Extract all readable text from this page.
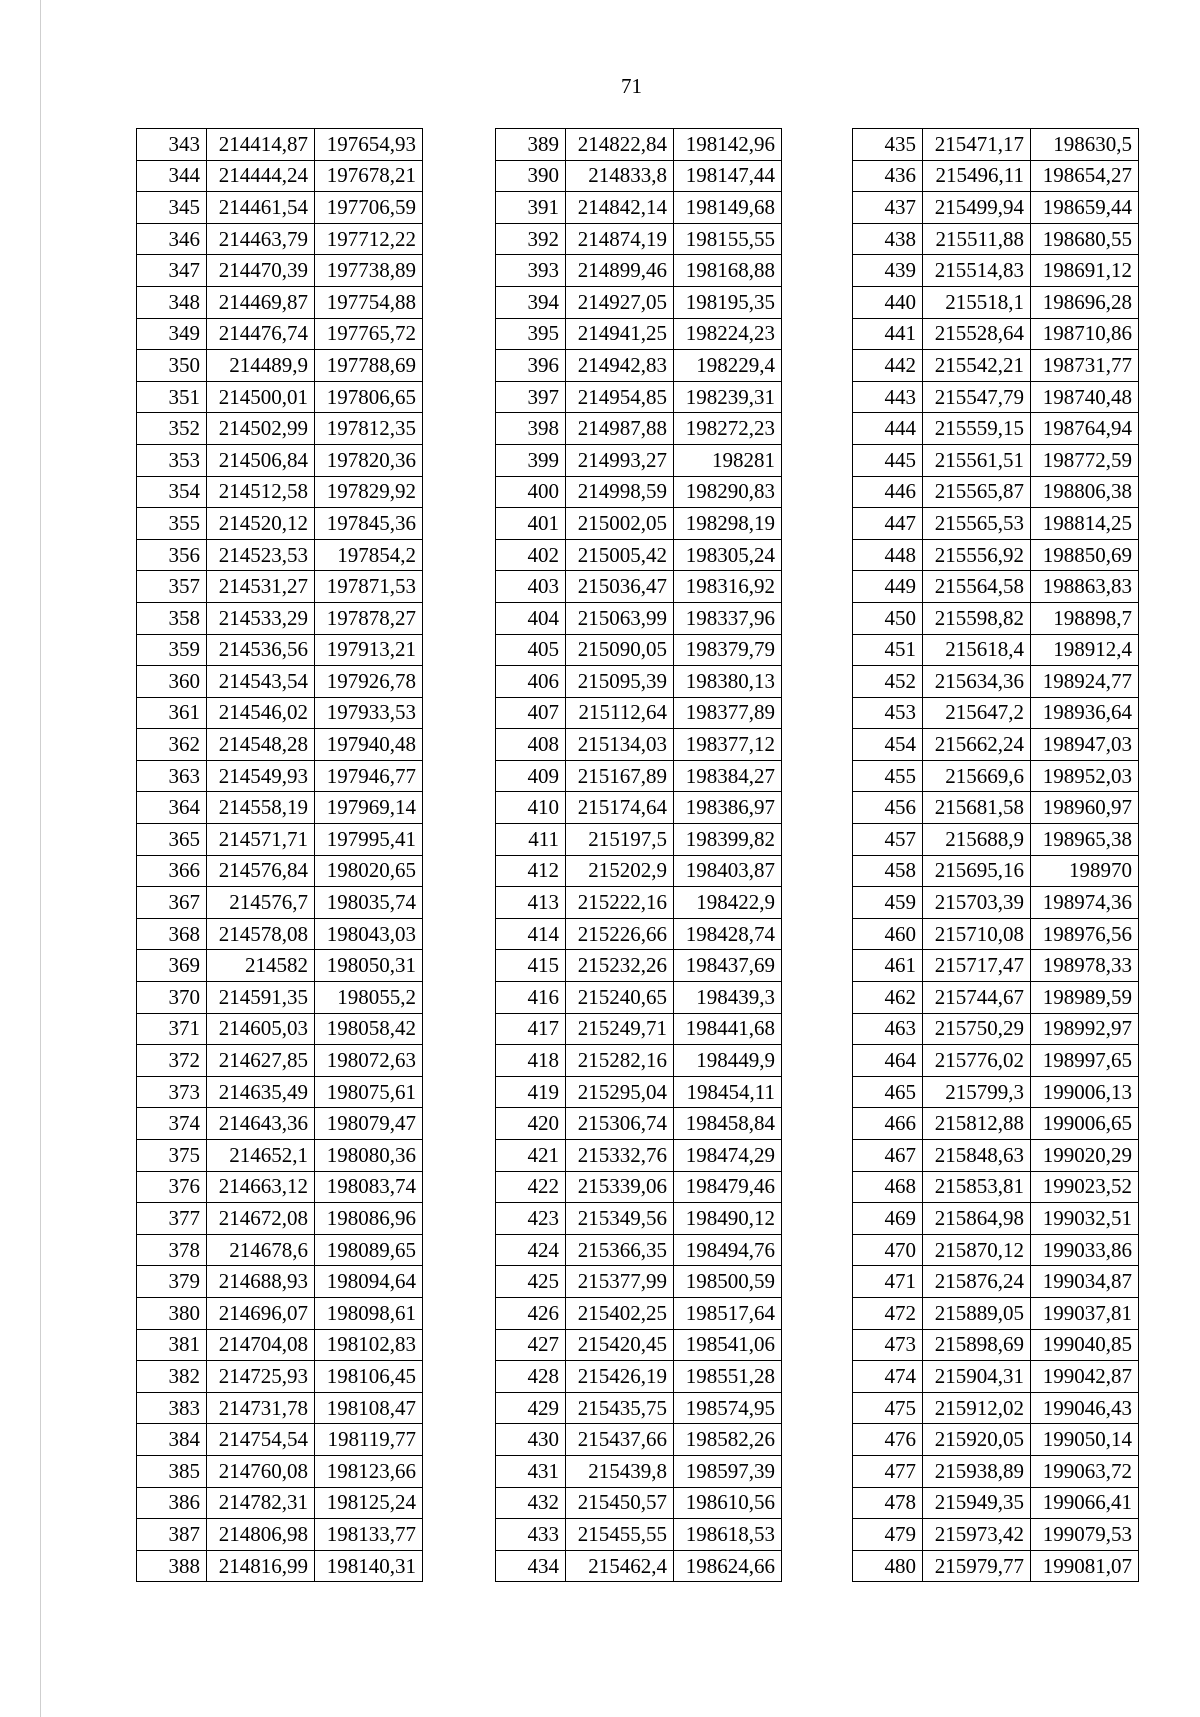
71
343	214414,87	197654,93
344	214444,24	197678,21
345	214461,54	197706,59
346	214463,79	197712,22
347	214470,39	197738,89
348	214469,87	197754,88
349	214476,74	197765,72
350	214489,9	197788,69
351	214500,01	197806,65
352	214502,99	197812,35
353	214506,84	197820,36
354	214512,58	197829,92
355	214520,12	197845,36
356	214523,53	197854,2
357	214531,27	197871,53
358	214533,29	197878,27
359	214536,56	197913,21
360	214543,54	197926,78
361	214546,02	197933,53
362	214548,28	197940,48
363	214549,93	197946,77
364	214558,19	197969,14
365	214571,71	197995,41
366	214576,84	198020,65
367	214576,7	198035,74
368	214578,08	198043,03
369	214582	198050,31
370	214591,35	198055,2
371	214605,03	198058,42
372	214627,85	198072,63
373	214635,49	198075,61
374	214643,36	198079,47
375	214652,1	198080,36
376	214663,12	198083,74
377	214672,08	198086,96
378	214678,6	198089,65
379	214688,93	198094,64
380	214696,07	198098,61
381	214704,08	198102,83
382	214725,93	198106,45
383	214731,78	198108,47
384	214754,54	198119,77
385	214760,08	198123,66
386	214782,31	198125,24
387	214806,98	198133,77
388	214816,99	198140,31
389	214822,84	198142,96
390	214833,8	198147,44
391	214842,14	198149,68
392	214874,19	198155,55
393	214899,46	198168,88
394	214927,05	198195,35
395	214941,25	198224,23
396	214942,83	198229,4
397	214954,85	198239,31
398	214987,88	198272,23
399	214993,27	198281
400	214998,59	198290,83
401	215002,05	198298,19
402	215005,42	198305,24
403	215036,47	198316,92
404	215063,99	198337,96
405	215090,05	198379,79
406	215095,39	198380,13
407	215112,64	198377,89
408	215134,03	198377,12
409	215167,89	198384,27
410	215174,64	198386,97
411	215197,5	198399,82
412	215202,9	198403,87
413	215222,16	198422,9
414	215226,66	198428,74
415	215232,26	198437,69
416	215240,65	198439,3
417	215249,71	198441,68
418	215282,16	198449,9
419	215295,04	198454,11
420	215306,74	198458,84
421	215332,76	198474,29
422	215339,06	198479,46
423	215349,56	198490,12
424	215366,35	198494,76
425	215377,99	198500,59
426	215402,25	198517,64
427	215420,45	198541,06
428	215426,19	198551,28
429	215435,75	198574,95
430	215437,66	198582,26
431	215439,8	198597,39
432	215450,57	198610,56
433	215455,55	198618,53
434	215462,4	198624,66
435	215471,17	198630,5
436	215496,11	198654,27
437	215499,94	198659,44
438	215511,88	198680,55
439	215514,83	198691,12
440	215518,1	198696,28
441	215528,64	198710,86
442	215542,21	198731,77
443	215547,79	198740,48
444	215559,15	198764,94
445	215561,51	198772,59
446	215565,87	198806,38
447	215565,53	198814,25
448	215556,92	198850,69
449	215564,58	198863,83
450	215598,82	198898,7
451	215618,4	198912,4
452	215634,36	198924,77
453	215647,2	198936,64
454	215662,24	198947,03
455	215669,6	198952,03
456	215681,58	198960,97
457	215688,9	198965,38
458	215695,16	198970
459	215703,39	198974,36
460	215710,08	198976,56
461	215717,47	198978,33
462	215744,67	198989,59
463	215750,29	198992,97
464	215776,02	198997,65
465	215799,3	199006,13
466	215812,88	199006,65
467	215848,63	199020,29
468	215853,81	199023,52
469	215864,98	199032,51
470	215870,12	199033,86
471	215876,24	199034,87
472	215889,05	199037,81
473	215898,69	199040,85
474	215904,31	199042,87
475	215912,02	199046,43
476	215920,05	199050,14
477	215938,89	199063,72
478	215949,35	199066,41
479	215973,42	199079,53
480	215979,77	199081,07
